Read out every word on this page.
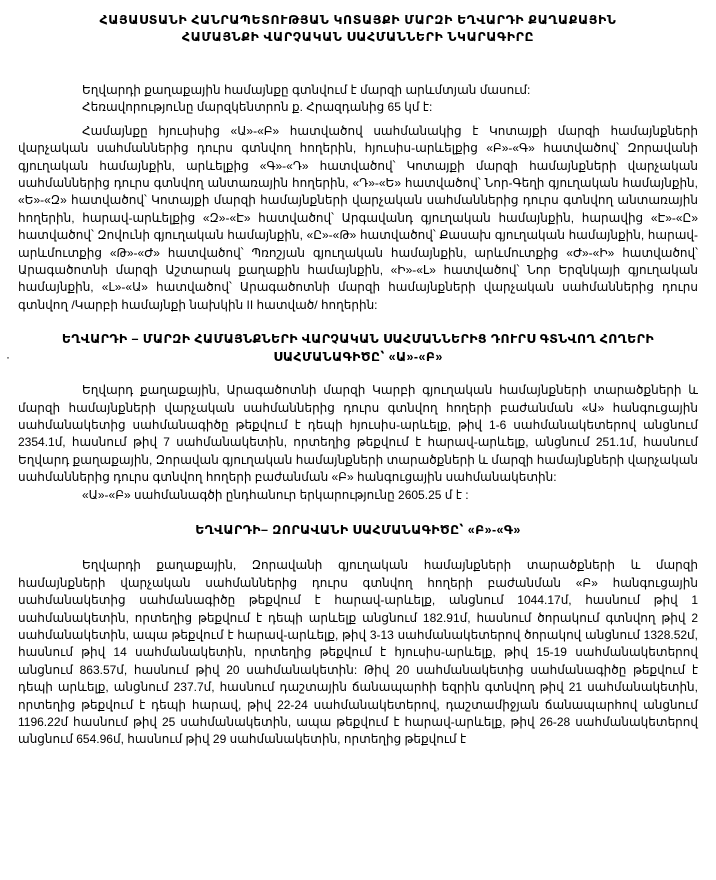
·
ՀԱՅԱՍՏԱՆԻ ՀԱՆՐԱՊԵՏՈՒԹՅԱՆ ԿՈՏԱՅՔԻ ՄԱՐԶԻ ԵՂՎԱՐԴԻ ՔԱՂԱՔԱՅԻՆ
ՀԱՄԱՅՆՔԻ ՎԱՐՉԱԿԱՆ ՍԱՀՄԱՆՆԵՐԻ ՆԿԱՐԱԳԻՐԸ

Եղվարդի քաղաքային համայնքը գտնվում է մարզի արևմտյան մասում:

Հեռավորությունը մարզկենտրոն ք. Հրազդանից 65 կմ է:

Համայնքը հյուսիսից «Ա»-«Բ» հատվածով սահմանակից է Կոտայքի մարզի համայնքների վարչական սահմաններից դուրս գտնվող հողերին, հյուսիս-արևելքից «Բ»-«Գ» հատվածով՝ Զորավանի գյուղական համայնքին, արևելքից «Գ»-«Դ» հատվածով՝ Կոտայքի մարզի համայնքների վարչական սահմաններից դուրս գտնվող անտառային հողերին, «Դ»-«Ե» հատվածով՝ Նոր-Գեղի գյուղական համայնքին, «Ե»-«Զ» հատվածով՝ Կոտայքի մարզի համայնքների վարչական սահմաններից դուրս գտնվող անտառային հողերին, հարավ-արևելքից «Զ»-«Է» հատվածով՝ Արգավանդ գյուղական համայնքին, հարավից «Է»-«Ը» հատվածով՝ Զովունի գյուղական համայնքին, «Ը»-«Թ» հատվածով՝ Քասախ գյուղական համայնքին, հարավ-արևմուտքից «Թ»-«Ժ» հատվածով՝ Պռոշյան գյուղական համայնքին, արևմուտքից «Ժ»-«Ի» հատվածով՝ Արագածոտնի մարզի Աշտարակ քաղաքին համայնքին, «Ի»-«Լ» հատվածով՝ Նոր Երզնկայի գյուղական համայնքին, «Լ»-«Ա» հատվածով՝ Արագածոտնի մարզի համայնքների վարչական սահմաններից դուրս գտնվող /Կարբի համայնքի նախկին II հատված/ հողերին:

ԵՂՎԱՐԴԻ – ՄԱՐԶԻ ՀԱՄԱՅՆՔՆԵՐԻ ՎԱՐՉԱԿԱՆ ՍԱՀՄԱՆՆԵՐԻՑ ԴՈՒՐՍ ԳՏՆՎՈՂ ՀՈՂԵՐԻ ՍԱՀՄԱՆԱԳԻԾԸ՝ «Ա»-«Բ»

Եղվարդ քաղաքային, Արագածոտնի մարզի Կարբի գյուղական համայնքների տարածքների և մարզի համայնքների վարչական սահմաններից դուրս գտնվող հողերի բաժանման «Ա» հանգուցային սահմանակետից սահմանագիծը թեքվում է դեպի հյուսիս-արևելք, թիվ 1-6 սահմանակետերով անցնում 2354.1մ, հասնում թիվ 7 սահմանակետին, որտեղից թեքվում է հարավ-արևելք, անցնում 251.1մ, հասնում Եղվարդ քաղաքային, Զորավան գյուղական համայնքների տարածքների և մարզի համայնքների վարչական սահմաններից դուրս գտնվող հողերի բաժանման «Բ» հանգուցային սահմանակետին:

«Ա»-«Բ» սահմանագծի ընդհանուր երկարությունը 2605.25 մ է :

ԵՂՎԱՐԴԻ– ԶՈՐԱՎԱՆԻ ՍԱՀՄԱՆԱԳԻԾԸ՝ «Բ»-«Գ»

Եղվարդի քաղաքային, Զորավանի գյուղական համայնքների տարածքների և մարզի համայնքների վարչական սահմաններից դուրս գտնվող հողերի բաժանման «Բ» հանգուցային սահմանակետից սահմանագիծը թեքվում է հարավ-արևելք, անցնում 1044.17մ, հասնում թիվ 1 սահմանակետին, որտեղից թեքվում է դեպի արևելք անցնում 182.91մ, հասնում ծորակում գտնվող թիվ 2 սահմանակետին, ապա թեքվում է հարավ-արևելք, թիվ 3-13 սահմանակետերով ծորակով անցնում 1328.52մ, հասնում թիվ 14 սահմանակետին, որտեղից թեքվում է հյուսիս-արևելք, թիվ 15-19 սահմանակետերով անցնում 863.57մ, հասնում թիվ 20 սահմանակետին: Թիվ 20 սահմանակետից սահմանագիծը թեքվում է դեպի արևելք, անցնում 237.7մ, հասնում դաշտային ճանապարհի եզրին գտնվող թիվ 21 սահմանակետին, որտեղից թեքվում է դեպի հարավ, թիվ 22-24 սահմանակետերով, դաշտամիջյան ճանապարհով անցնում 1196.22մ հասնում թիվ 25 սահմանակետին, ապա թեքվում է հարավ-արևելք, թիվ 26-28 սահմանակետերով անցնում 654.96մ, հասնում թիվ 29 սահմանակետին, որտեղից թեքվում է
